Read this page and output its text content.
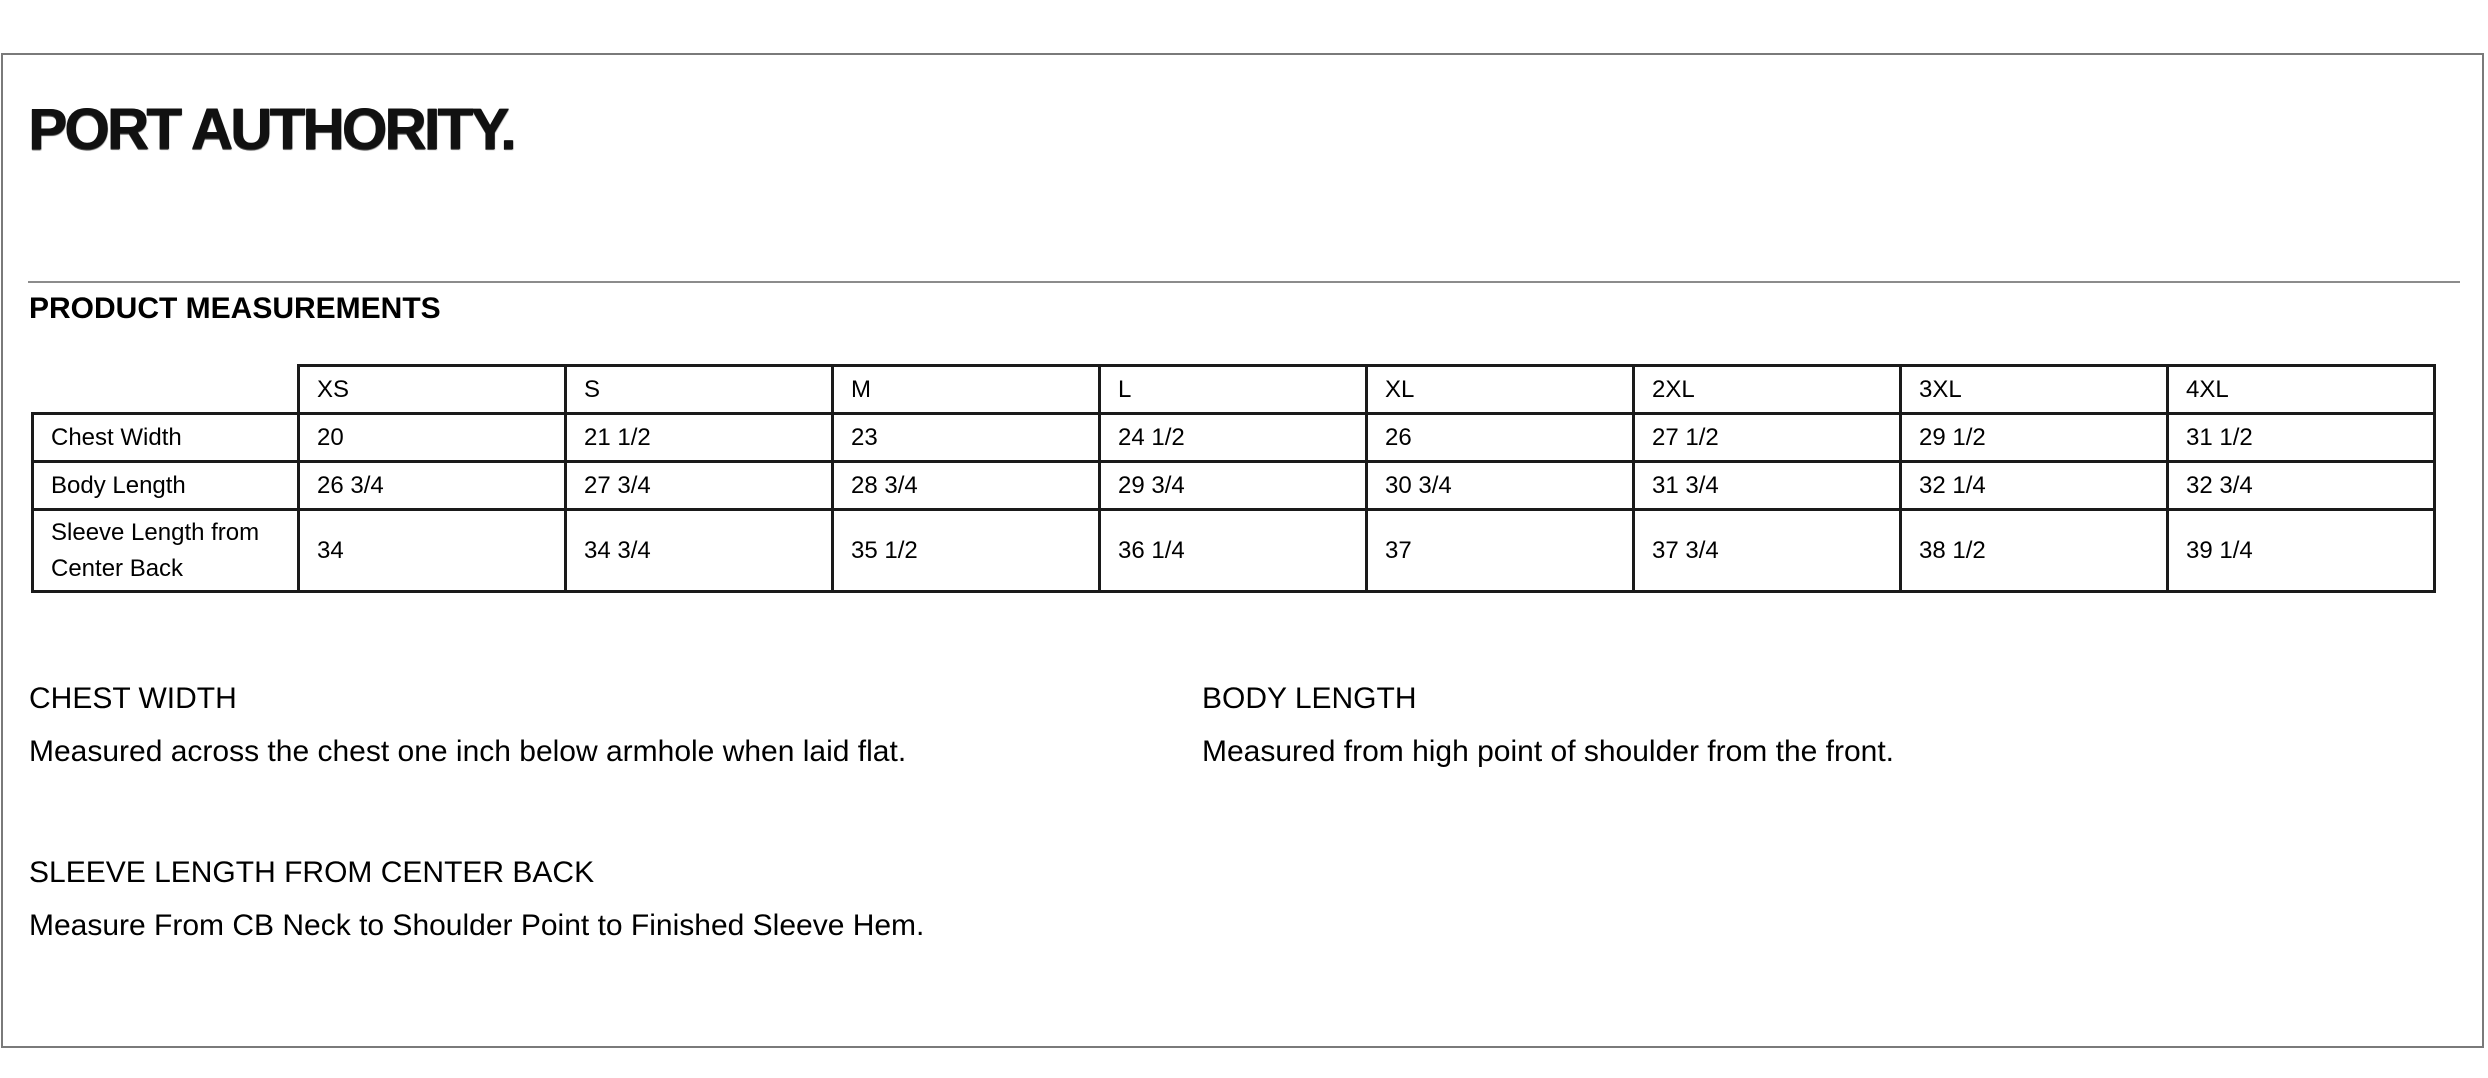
PORT AUTHORITY.
PRODUCT MEASUREMENTS
	XS	S	M	L	XL	2XL	3XL	4XL
Chest Width	20	21 1/2	23	24 1/2	26	27 1/2	29 1/2	31 1/2
Body Length	26 3/4	27 3/4	28 3/4	29 3/4	30 3/4	31 3/4	32 1/4	32 3/4

Sleeve Length from
Center Back	34	34 3/4	35 1/2	36 1/4	37	37 3/4	38 1/2	39 1/4
CHEST WIDTH
Measured across the chest one inch below armhole when laid flat.
BODY LENGTH
Measured from high point of shoulder from the front.
SLEEVE LENGTH FROM CENTER BACK
Measure From CB Neck to Shoulder Point to Finished Sleeve Hem.
